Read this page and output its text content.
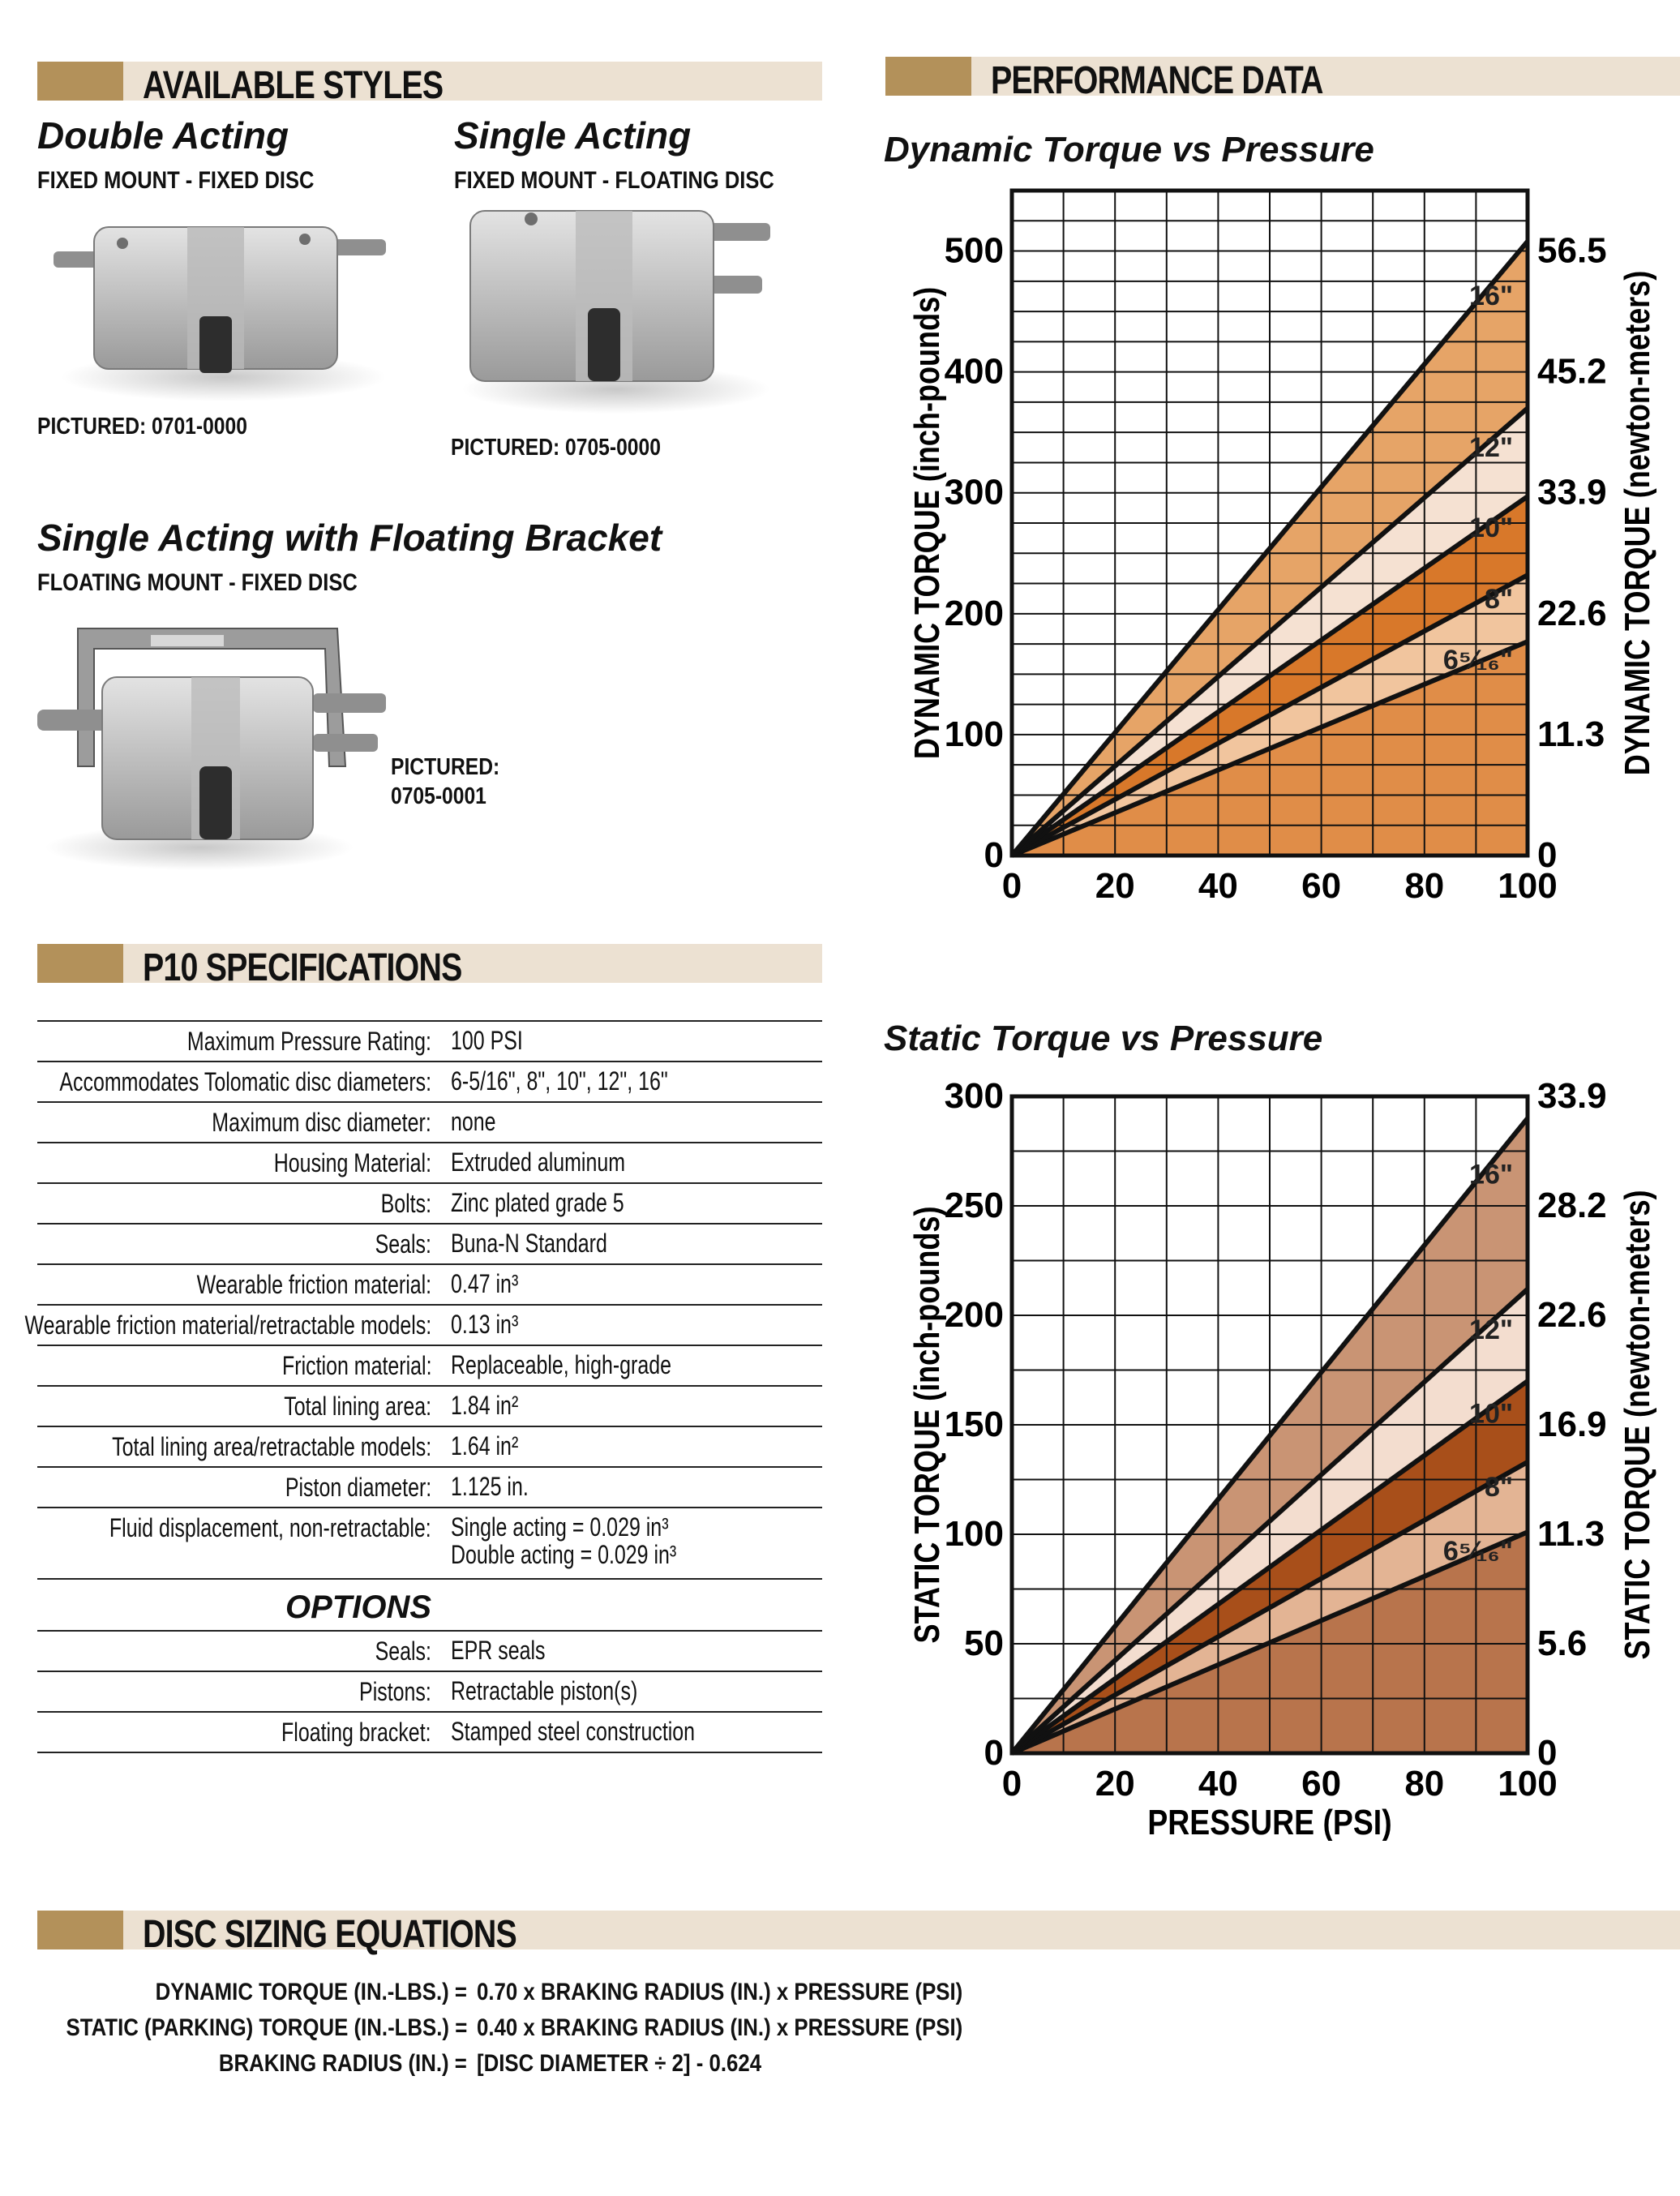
AVAILABLE STYLES
Double Acting
FIXED MOUNT - FIXED DISC
Single Acting
FIXED MOUNT - FLOATING DISC
PICTURED: 0701-0000
PICTURED: 0705-0000
Single Acting with Floating Bracket
FLOATING MOUNT - FIXED DISC
PICTURED:
0705-0001
P10 SPECIFICATIONS
Maximum Pressure Rating: 100 PSI
Accommodates Tolomatic disc diameters: 6-5/16", 8", 10", 12", 16"
Maximum disc diameter: none
Housing Material: Extruded aluminum
Bolts: Zinc plated grade 5
Seals: Buna-N Standard
Wearable friction material: 0.47 in³
Wearable friction material/retractable models: 0.13 in³
Friction material: Replaceable, high-grade
Total lining area: 1.84 in²
Total lining area/retractable models: 1.64 in²
Piston diameter: 1.125 in.
Fluid displacement, non-retractable: Single acting = 0.029 in³
Double acting = 0.029 in³
OPTIONS
Seals: EPR seals
Pistons: Retractable piston(s)
Floating bracket: Stamped steel construction
PERFORMANCE DATA
Dynamic Torque vs Pressure
6⁵⁄₁₆"
8"
10"
12"
16"
0 20 40 60 80 100
0
100
200
300
400
500
0
11.3
22.6
33.9
45.2
56.5
DYNAMIC TORQUE (inch-pounds)	DYNAMIC TORQUE (newton-meters)
Static Torque vs Pressure
6⁵⁄₁₆"
8"
10"
12"
16"
0 20 40 60 80 100
0
50
100
150
200
250
300
0
5.6
11.3
16.9
22.6
28.2
33.9
STATIC TORQUE (inch-pounds)	STATIC TORQUE (newton-meters)
PRESSURE (PSI)
DISC SIZING EQUATIONS
DYNAMIC TORQUE (IN.-LBS.) = 0.70 x BRAKING RADIUS (IN.) x PRESSURE (PSI)
STATIC (PARKING) TORQUE (IN.-LBS.) = 0.40 x BRAKING RADIUS (IN.) x PRESSURE (PSI)
BRAKING RADIUS (IN.) = [DISC DIAMETER ÷ 2] - 0.624
